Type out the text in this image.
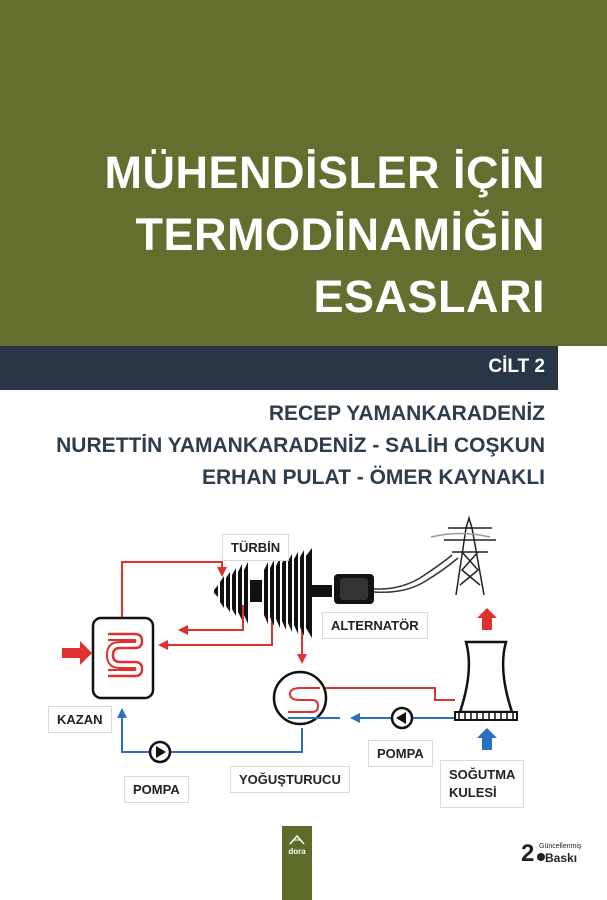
MÜHENDİSLER İÇİN
TERMODİNAMİĞİN
ESASLARI
CİLT 2
RECEP YAMANKARADENİZ
NURETTİN YAMANKARADENİZ - SALİH COŞKUN
ERHAN PULAT - ÖMER KAYNAKLI
TÜRBİN
ALTERNATÖR
KAZAN
POMPA
YOĞUŞTURUCU
POMPA
SOĞUTMA
KULESİ
dora	2 Güncellenmiş
Baskı
